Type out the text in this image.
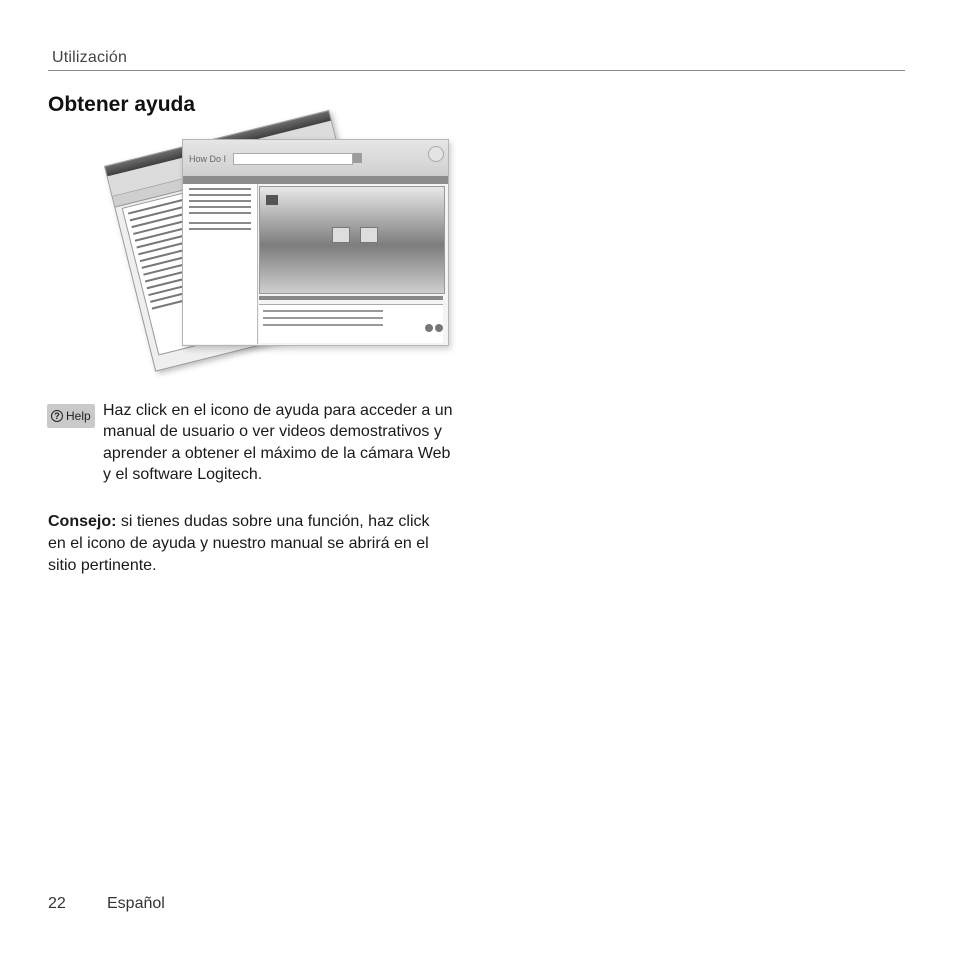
Utilización
Obtener ayuda
How Do I
? Help Haz click en el icono de ayuda para acceder a un manual de usuario o ver videos demostrativos y aprender a obtener el máximo de la cámara Web y el software Logitech.
Consejo: si tienes dudas sobre una función, haz click en el icono de ayuda y nuestro manual se abrirá en el sitio pertinente.
22	Español
